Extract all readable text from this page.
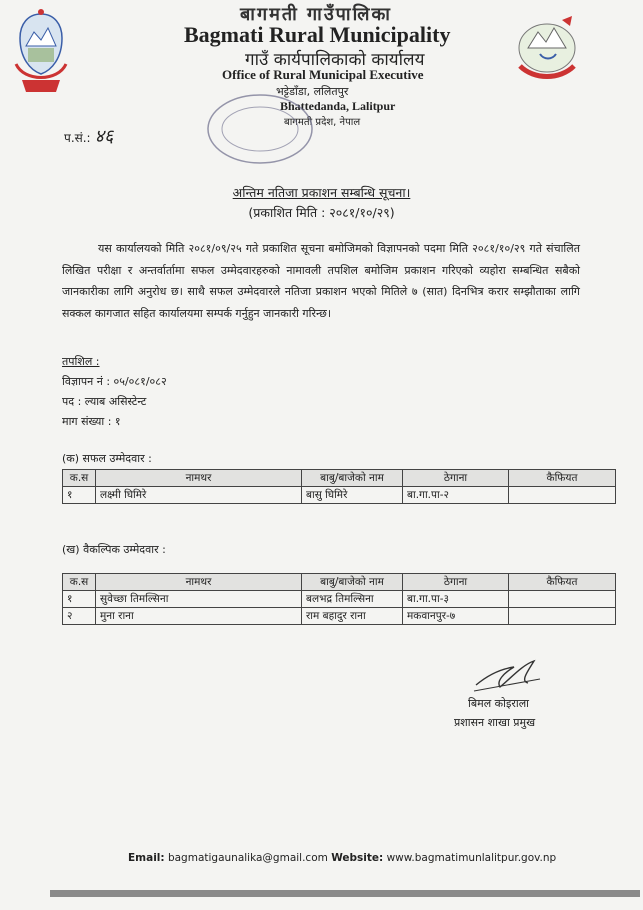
बागमती गाउँपालिका
Bagmati Rural Municipality
गाउँ कार्यपालिकाको कार्यालय
Office of Rural Municipal Executive
भट्टेडाँडा, ललितपुर
Bhattedanda, Lalitpur
बागमती प्रदेश, नेपाल
प.सं.: ४६
अन्तिम नतिजा प्रकाशन सम्बन्धि सूचना।
(प्रकाशित मिति : २०८१/१०/२९)
यस कार्यालयको मिति २०८१/०९/२५ गते प्रकाशित सूचना बमोजिमको विज्ञापनको पदमा मिति २०८१/१०/२९ गते संचालित लिखित परीक्षा र अन्तर्वार्तामा सफल उम्मेदवारहरुको नामावली तपशिल बमोजिम प्रकाशन गरिएको व्यहोरा सम्बन्धित सबैको जानकारीका लागि अनुरोध छ। साथै सफल उम्मेदवारले नतिजा प्रकाशन भएको मितिले ७ (सात) दिनभित्र करार सम्झौताका लागि सक्कल कागजात सहित कार्यालयमा सम्पर्क गर्नुहुन जानकारी गरिन्छ।
तपशिल :
विज्ञापन नं : ०५/०८१/०८२
पद : ल्याब असिस्टेन्ट
माग संख्या : १
(क) सफल उम्मेदवार :
क.स	नामथर	बाबु/बाजेको नाम	ठेगाना	कैफियत
१	लक्ष्मी घिमिरे	बासु घिमिरे	बा.गा.पा-२	
(ख) वैकल्पिक उम्मेदवार :
क.स	नामथर	बाबु/बाजेको नाम	ठेगाना	कैफियत
१	सुवेच्छा तिमल्सिना	बलभद्र तिमल्सिना	बा.गा.पा-३	
२	मुना राना	राम बहादुर राना	मकवानपुर-७	
बिमल कोइराला
प्रशासन शाखा प्रमुख
Email: bagmatigaunalika@gmail.com Website: www.bagmatimunlalitpur.gov.np
